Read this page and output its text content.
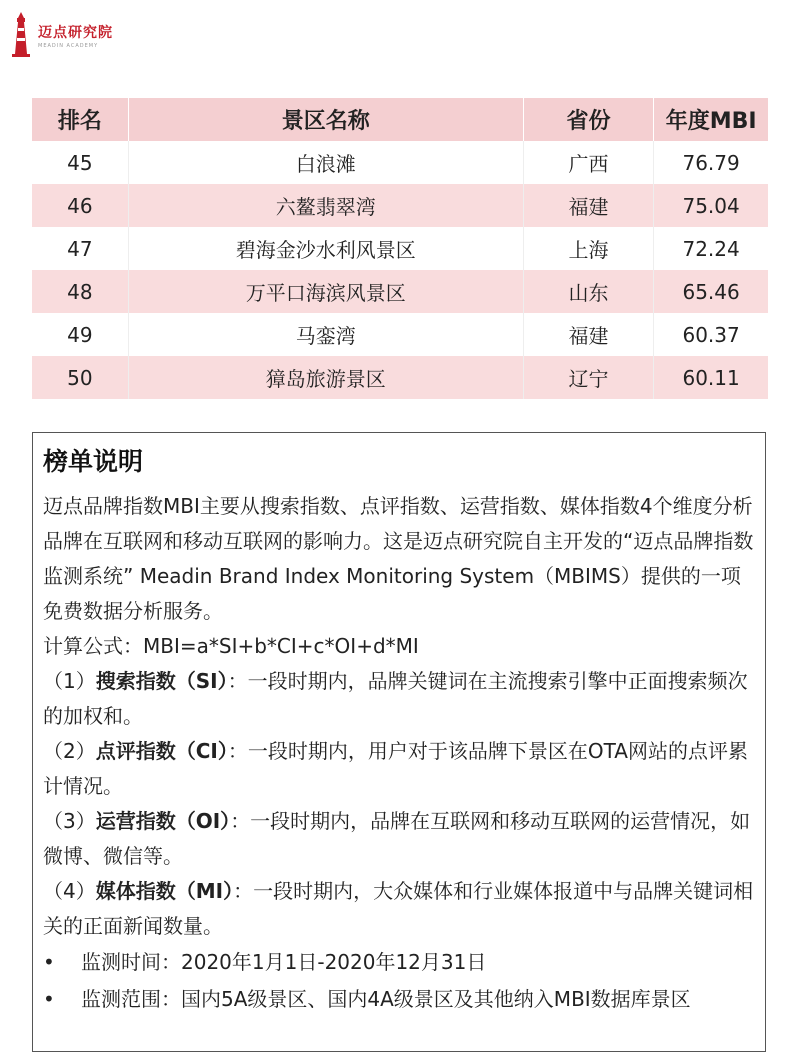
迈点研究院
MEADIN ACADEMY
排名	景区名称	省份	年度MBI
45	白浪滩	广西	76.79
46	六鳌翡翠湾	福建	75.04
47	碧海金沙水利风景区	上海	72.24
48	万平口海滨风景区	山东	65.46
49	马銮湾	福建	60.37
50	獐岛旅游景区	辽宁	60.11
榜单说明

迈点品牌指数MBI主要从搜索指数、点评指数、运营指数、媒体指数4个维度分析品牌在互联网和移动互联网的影响力。这是迈点研究院自主开发的“迈点品牌指数监测系统” Meadin Brand Index Monitoring System（MBIMS）提供的一项免费数据分析服务。

计算公式：MBI=a*SI+b*CI+c*OI+d*MI

（1）搜索指数（SI）：一段时期内，品牌关键词在主流搜索引擎中正面搜索频次的加权和。

（2）点评指数（CI）：一段时期内，用户对于该品牌下景区在OTA网站的点评累计情况。

（3）运营指数（OI）：一段时期内，品牌在互联网和移动互联网的运营情况，如微博、微信等。

（4）媒体指数（MI）：一段时期内，大众媒体和行业媒体报道中与品牌关键词相关的正面新闻数量。

•	监测时间：2020年1月1日-2020年12月31日

•	监测范围：国内5A级景区、国内4A级景区及其他纳入MBI数据库景区
